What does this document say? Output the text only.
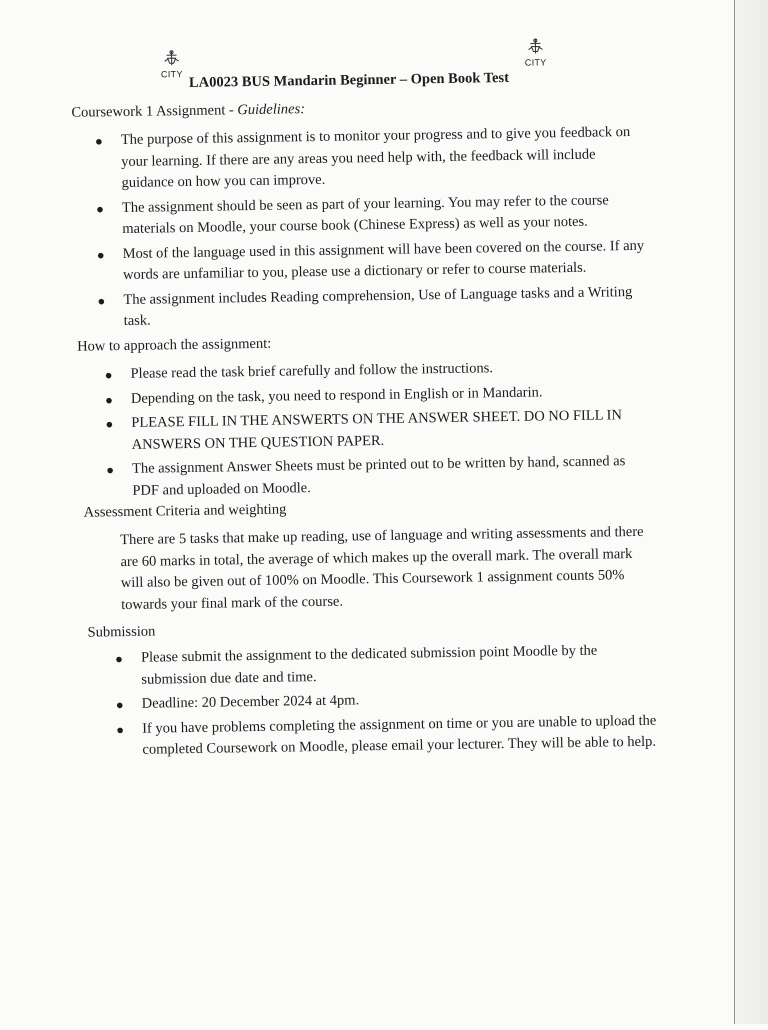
CITY LA0023 BUS Mandarin Beginner – Open Book Test
CITY
Coursework 1 Assignment - Guidelines:
● The purpose of this assignment is to monitor your progress and to give you feedback on your learning. If there are any areas you need help with, the feedback will include guidance on how you can improve.
● The assignment should be seen as part of your learning. You may refer to the course materials on Moodle, your course book (Chinese Express) as well as your notes.
● Most of the language used in this assignment will have been covered on the course. If any words are unfamiliar to you, please use a dictionary or refer to course materials.
● The assignment includes Reading comprehension, Use of Language tasks and a Writing task.
How to approach the assignment:
● Please read the task brief carefully and follow the instructions.
● Depending on the task, you need to respond in English or in Mandarin.
● PLEASE FILL IN THE ANSWERTS ON THE ANSWER SHEET. DO NO FILL IN ANSWERS ON THE QUESTION PAPER.
● The assignment Answer Sheets must be printed out to be written by hand, scanned as PDF and uploaded on Moodle.
Assessment Criteria and weighting
There are 5 tasks that make up reading, use of language and writing assessments and there are 60 marks in total, the average of which makes up the overall mark. The overall mark will also be given out of 100% on Moodle. This Coursework 1 assignment counts 50% towards your final mark of the course.
Submission
● Please submit the assignment to the dedicated submission point Moodle by the submission due date and time.
● Deadline: 20 December 2024 at 4pm.
● If you have problems completing the assignment on time or you are unable to upload the completed Coursework on Moodle, please email your lecturer. They will be able to help.
